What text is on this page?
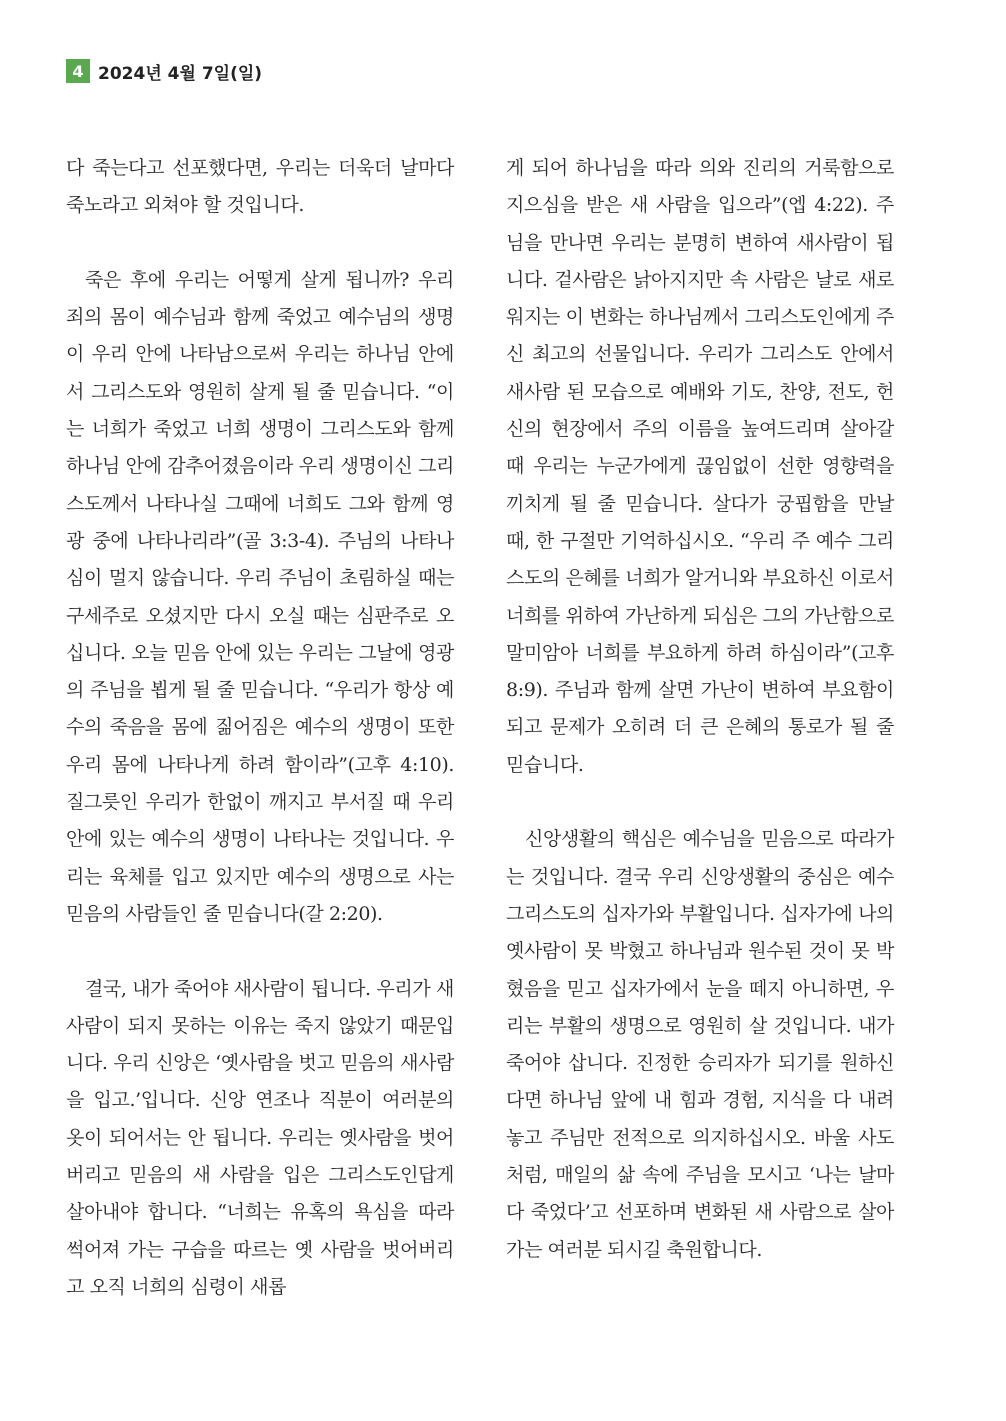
4 2024년 4월 7일(일)

다 죽는다고 선포했다면, 우리는 더욱더 날마다 죽노라고 외쳐야 할 것입니다.

죽은 후에 우리는 어떻게 살게 됩니까? 우리 죄의 몸이 예수님과 함께 죽었고 예수님의 생명이 우리 안에 나타남으로써 우리는 하나님 안에서 그리스도와 영원히 살게 될 줄 믿습니다. “이는 너희가 죽었고 너희 생명이 그리스도와 함께 하나님 안에 감추어졌음이라 우리 생명이신 그리스도께서 나타나실 그때에 너희도 그와 함께 영광 중에 나타나리라”(골 3:3-4). 주님의 나타나심이 멀지 않습니다. 우리 주님이 초림하실 때는 구세주로 오셨지만 다시 오실 때는 심판주로 오십니다. 오늘 믿음 안에 있는 우리는 그날에 영광의 주님을 뵙게 될 줄 믿습니다. “우리가 항상 예수의 죽음을 몸에 짊어짐은 예수의 생명이 또한 우리 몸에 나타나게 하려 함이라”(고후 4:10). 질그릇인 우리가 한없이 깨지고 부서질 때 우리 안에 있는 예수의 생명이 나타나는 것입니다. 우리는 육체를 입고 있지만 예수의 생명으로 사는 믿음의 사람들인 줄 믿습니다(갈 2:20).

결국, 내가 죽어야 새사람이 됩니다. 우리가 새사람이 되지 못하는 이유는 죽지 않았기 때문입니다. 우리 신앙은 ‘옛사람을 벗고 믿음의 새사람을 입고.’입니다. 신앙 연조나 직분이 여러분의 옷이 되어서는 안 됩니다. 우리는 옛사람을 벗어버리고 믿음의 새 사람을 입은 그리스도인답게 살아내야 합니다. “너희는 유혹의 욕심을 따라 썩어져 가는 구습을 따르는 옛 사람을 벗어버리고 오직 너희의 심령이 새롭

게 되어 하나님을 따라 의와 진리의 거룩함으로 지으심을 받은 새 사람을 입으라”(엡 4:22). 주님을 만나면 우리는 분명히 변하여 새사람이 됩니다. 겉사람은 낡아지지만 속 사람은 날로 새로워지는 이 변화는 하나님께서 그리스도인에게 주신 최고의 선물입니다. 우리가 그리스도 안에서 새사람 된 모습으로 예배와 기도, 찬양, 전도, 헌신의 현장에서 주의 이름을 높여드리며 살아갈 때 우리는 누군가에게 끊임없이 선한 영향력을 끼치게 될 줄 믿습니다. 살다가 궁핍함을 만날 때, 한 구절만 기억하십시오. “우리 주 예수 그리스도의 은혜를 너희가 알거니와 부요하신 이로서 너희를 위하여 가난하게 되심은 그의 가난함으로 말미암아 너희를 부요하게 하려 하심이라”(고후 8:9). 주님과 함께 살면 가난이 변하여 부요함이 되고 문제가 오히려 더 큰 은혜의 통로가 될 줄 믿습니다.

신앙생활의 핵심은 예수님을 믿음으로 따라가는 것입니다. 결국 우리 신앙생활의 중심은 예수 그리스도의 십자가와 부활입니다. 십자가에 나의 옛사람이 못 박혔고 하나님과 원수된 것이 못 박혔음을 믿고 십자가에서 눈을 떼지 아니하면, 우리는 부활의 생명으로 영원히 살 것입니다. 내가 죽어야 삽니다. 진정한 승리자가 되기를 원하신다면 하나님 앞에 내 힘과 경험, 지식을 다 내려놓고 주님만 전적으로 의지하십시오. 바울 사도처럼, 매일의 삶 속에 주님을 모시고 ‘나는 날마다 죽었다’고 선포하며 변화된 새 사람으로 살아가는 여러분 되시길 축원합니다.
